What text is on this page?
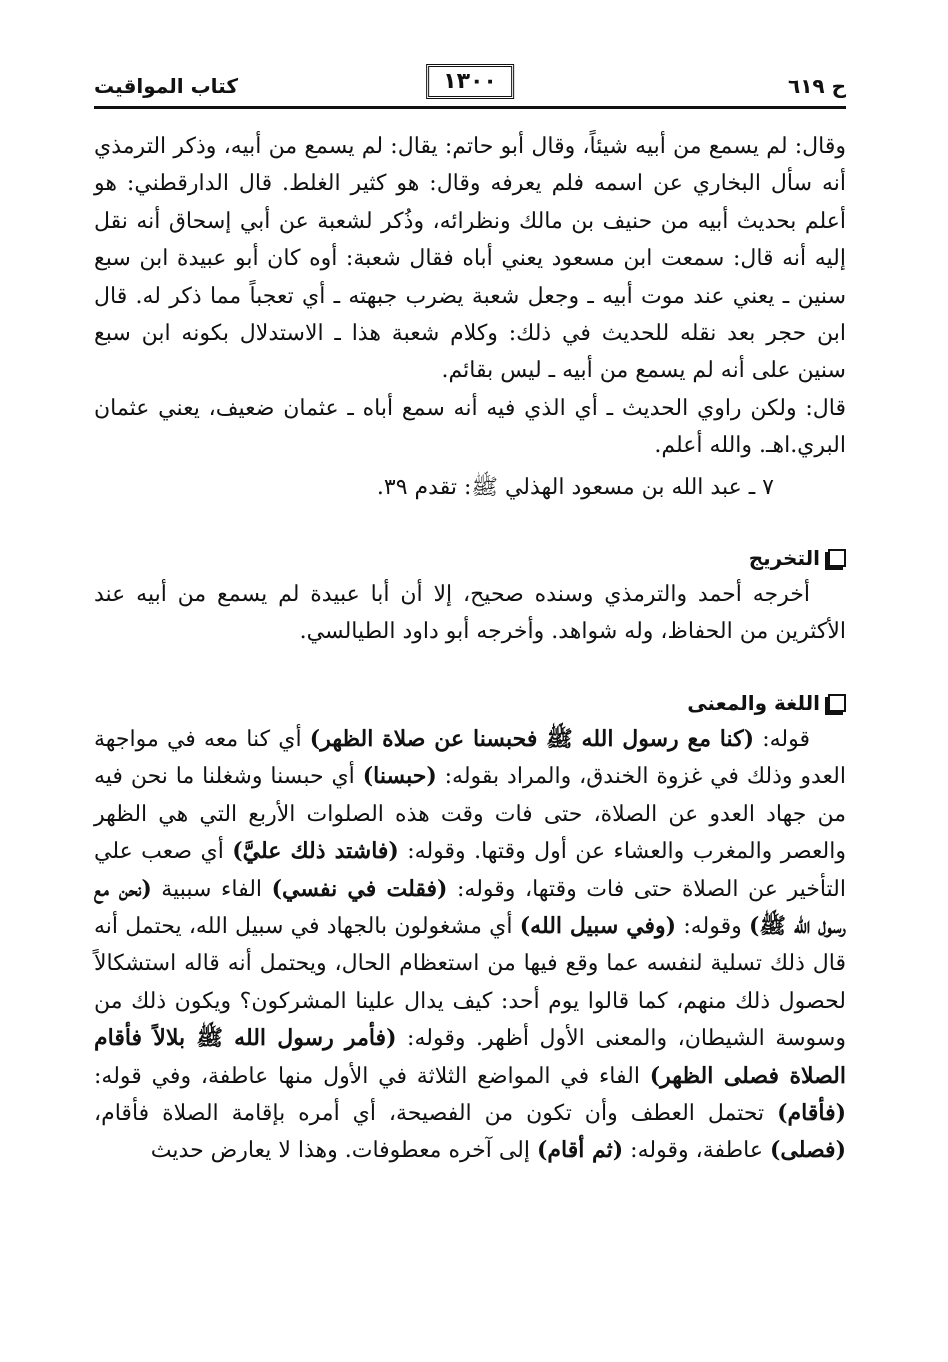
ح ٦١٩
١٣٠٠
كتاب المواقيت

وقال: لم يسمع من أبيه شيئاً، وقال أبو حاتم: يقال: لم يسمع من أبيه، وذكر الترمذي أنه سأل البخاري عن اسمه فلم يعرفه وقال: هو كثير الغلط. قال الدارقطني: هو أعلم بحديث أبيه من حنيف بن مالك ونظرائه، وذُكر لشعبة عن أبي إسحاق أنه نقل إليه أنه قال: سمعت ابن مسعود يعني أباه فقال شعبة: أوه كان أبو عبيدة ابن سبع سنين ـ يعني عند موت أبيه ـ وجعل شعبة يضرب جبهته ـ أي تعجباً مما ذكر له. قال ابن حجر بعد نقله للحديث في ذلك: وكلام شعبة هذا ـ الاستدلال بكونه ابن سبع سنين على أنه لم يسمع من أبيه ـ ليس بقائم.

قال: ولكن راوي الحديث ـ أي الذي فيه أنه سمع أباه ـ عثمان ضعيف، يعني عثمان البري.اهـ. والله أعلم.

٧ ـ عبد الله بن مسعود الهذلي ﷺ: تقدم ٣٩.

التخريج

أخرجه أحمد والترمذي وسنده صحيح، إلا أن أبا عبيدة لم يسمع من أبيه عند الأكثرين من الحفاظ، وله شواهد. وأخرجه أبو داود الطيالسي.

اللغة والمعنى

قوله: (كنا مع رسول الله ﷺ فحبسنا عن صلاة الظهر) أي كنا معه في مواجهة العدو وذلك في غزوة الخندق، والمراد بقوله: (حبسنا) أي حبسنا وشغلنا ما نحن فيه من جهاد العدو عن الصلاة، حتى فات وقت هذه الصلوات الأربع التي هي الظهر والعصر والمغرب والعشاء عن أول وقتها. وقوله: (فاشتد ذلك عليَّ) أي صعب علي التأخير عن الصلاة حتى فات وقتها، وقوله: (فقلت في نفسي) الفاء سببية (نحن مع رسول الله ﷺ) وقوله: (وفي سبيل الله) أي مشغولون بالجهاد في سبيل الله، يحتمل أنه قال ذلك تسلية لنفسه عما وقع فيها من استعظام الحال، ويحتمل أنه قاله استشكالاً لحصول ذلك منهم، كما قالوا يوم أحد: كيف يدال علينا المشركون؟ ويكون ذلك من وسوسة الشيطان، والمعنى الأول أظهر. وقوله: (فأمر رسول الله ﷺ بلالاً فأقام الصلاة فصلى الظهر) الفاء في المواضع الثلاثة في الأول منها عاطفة، وفي قوله: (فأقام) تحتمل العطف وأن تكون من الفصيحة، أي أمره بإقامة الصلاة فأقام، (فصلى) عاطفة، وقوله: (ثم أقام) إلى آخره معطوفات. وهذا لا يعارض حديث
